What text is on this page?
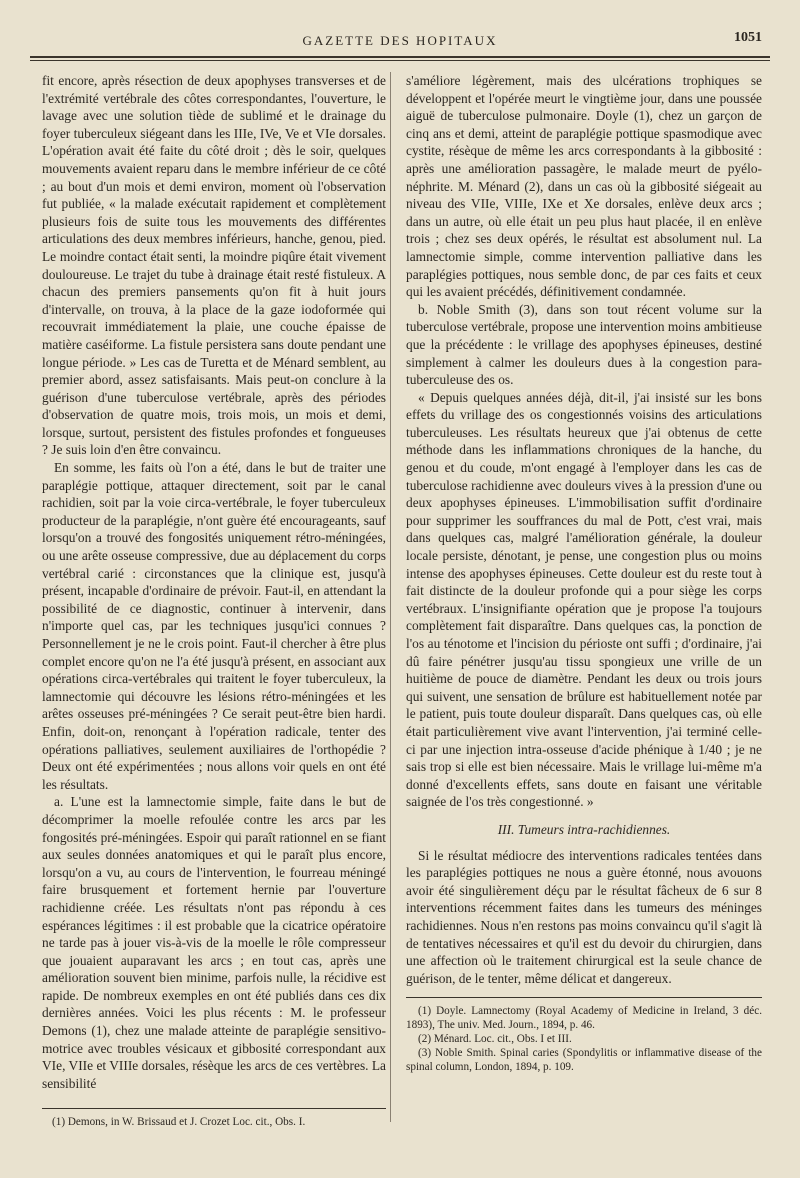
GAZETTE DES HOPITAUX	1051

fit encore, après résection de deux apophyses transverses et de l'extrémité vertébrale des côtes correspondantes, l'ouverture, le lavage avec une solution tiède de sublimé et le drainage du foyer tuberculeux siégeant dans les IIIe, IVe, Ve et VIe dorsales. L'opération avait été faite du côté droit ; dès le soir, quelques mouvements avaient reparu dans le membre inférieur de ce côté ; au bout d'un mois et demi environ, moment où l'observation fut publiée, « la malade exécutait rapidement et complètement plusieurs fois de suite tous les mouvements des différentes articulations des deux membres inférieurs, hanche, genou, pied. Le moindre contact était senti, la moindre piqûre était vivement douloureuse. Le trajet du tube à drainage était resté fistuleux. A chacun des premiers pansements qu'on fit à huit jours d'intervalle, on trouva, à la place de la gaze iodoformée qui recouvrait immédiatement la plaie, une couche épaisse de matière caséiforme. La fistule persistera sans doute pendant une longue période. » Les cas de Turetta et de Ménard semblent, au premier abord, assez satisfaisants. Mais peut-on conclure à la guérison d'une tuberculose vertébrale, après des périodes d'observation de quatre mois, trois mois, un mois et demi, lorsque, surtout, persistent des fistules profondes et fongueuses ? Je suis loin d'en être convaincu.

En somme, les faits où l'on a été, dans le but de traiter une paraplégie pottique, attaquer directement, soit par le canal rachidien, soit par la voie circa-vertébrale, le foyer tuberculeux producteur de la paraplégie, n'ont guère été encourageants, sauf lorsqu'on a trouvé des fongosités uniquement rétro-méningées, ou une arête osseuse compressive, due au déplacement du corps vertébral carié : circonstances que la clinique est, jusqu'à présent, incapable d'ordinaire de prévoir. Faut-il, en attendant la possibilité de ce diagnostic, continuer à intervenir, dans n'importe quel cas, par les techniques jusqu'ici connues ? Personnellement je ne le crois point. Faut-il chercher à être plus complet encore qu'on ne l'a été jusqu'à présent, en associant aux opérations circa-vertébrales qui traitent le foyer tuberculeux, la lamnectomie qui découvre les lésions rétro-méningées et les arêtes osseuses pré-méningées ? Ce serait peut-être bien hardi. Enfin, doit-on, renonçant à l'opération radicale, tenter des opérations palliatives, seulement auxiliaires de l'orthopédie ? Deux ont été expérimentées ; nous allons voir quels en ont été les résultats.

a. L'une est la lamnectomie simple, faite dans le but de décomprimer la moelle refoulée contre les arcs par les fongosités pré-méningées. Espoir qui paraît rationnel en se fiant aux seules données anatomiques et qui le paraît plus encore, lorsqu'on a vu, au cours de l'intervention, le fourreau méningé faire brusquement et fortement hernie par l'ouverture rachidienne créée. Les résultats n'ont pas répondu à ces espérances légitimes : il est probable que la cicatrice opératoire ne tarde pas à jouer vis-à-vis de la moelle le rôle compresseur que jouaient auparavant les arcs ; en tout cas, après une amélioration souvent bien minime, parfois nulle, la récidive est rapide. De nombreux exemples en ont été publiés dans ces dix dernières années. Voici les plus récents : M. le professeur Demons (1), chez une malade atteinte de paraplégie sensitivo-motrice avec troubles vésicaux et gibbosité correspondant aux VIe, VIIe et VIIIe dorsales, résèque les arcs de ces vertèbres. La sensibilité

(1) Demons, in W. Brissaud et J. Crozet Loc. cit., Obs. I.

s'améliore légèrement, mais des ulcérations trophiques se développent et l'opérée meurt le vingtième jour, dans une poussée aiguë de tuberculose pulmonaire. Doyle (1), chez un garçon de cinq ans et demi, atteint de paraplégie pottique spasmodique avec cystite, résèque de même les arcs correspondants à la gibbosité : après une amélioration passagère, le malade meurt de pyélo-néphrite. M. Ménard (2), dans un cas où la gibbosité siégeait au niveau des VIIe, VIIIe, IXe et Xe dorsales, enlève deux arcs ; dans un autre, où elle était un peu plus haut placée, il en enlève trois ; chez ses deux opérés, le résultat est absolument nul. La lamnectomie simple, comme intervention palliative dans les paraplégies pottiques, nous semble donc, de par ces faits et ceux qui les avaient précédés, définitivement condamnée.

b. Noble Smith (3), dans son tout récent volume sur la tuberculose vertébrale, propose une intervention moins ambitieuse que la précédente : le vrillage des apophyses épineuses, destiné simplement à calmer les douleurs dues à la congestion para-tuberculeuse des os.

« Depuis quelques années déjà, dit-il, j'ai insisté sur les bons effets du vrillage des os congestionnés voisins des articulations tuberculeuses. Les résultats heureux que j'ai obtenus de cette méthode dans les inflammations chroniques de la hanche, du genou et du coude, m'ont engagé à l'employer dans les cas de tuberculose rachidienne avec douleurs vives à la pression d'une ou deux apophyses épineuses. L'immobilisation suffit d'ordinaire pour supprimer les souffrances du mal de Pott, c'est vrai, mais dans quelques cas, malgré l'amélioration générale, la douleur locale persiste, dénotant, je pense, une congestion plus ou moins intense des apophyses épineuses. Cette douleur est du reste tout à fait distincte de la douleur profonde qui a pour siège les corps vertébraux. L'insignifiante opération que je propose l'a toujours complètement fait disparaître. Dans quelques cas, la ponction de l'os au ténotome et l'incision du périoste ont suffi ; d'ordinaire, j'ai dû faire pénétrer jusqu'au tissu spongieux une vrille de un huitième de pouce de diamètre. Pendant les deux ou trois jours qui suivent, une sensation de brûlure est habituellement notée par le patient, puis toute douleur disparaît. Dans quelques cas, où elle était particulièrement vive avant l'intervention, j'ai terminé celle-ci par une injection intra-osseuse d'acide phénique à 1/40 ; je ne sais trop si elle est bien nécessaire. Mais le vrillage lui-même m'a donné d'excellents effets, sans doute en faisant une véritable saignée de l'os très congestionné. »

III. Tumeurs intra-rachidiennes.

Si le résultat médiocre des interventions radicales tentées dans les paraplégies pottiques ne nous a guère étonné, nous avouons avoir été singulièrement déçu par le résultat fâcheux de 6 sur 8 interventions récemment faites dans les tumeurs des méninges rachidiennes. Nous n'en restons pas moins convaincu qu'il s'agit là de tentatives nécessaires et qu'il est du devoir du chirurgien, dans une affection où le traitement chirurgical est la seule chance de guérison, de le tenter, même délicat et dangereux.

(1) Doyle. Lamnectomy (Royal Academy of Medicine in Ireland, 3 déc. 1893), The univ. Med. Journ., 1894, p. 46.

(2) Ménard. Loc. cit., Obs. I et III.

(3) Noble Smith. Spinal caries (Spondylitis or inflammative disease of the spinal column, London, 1894, p. 109.
